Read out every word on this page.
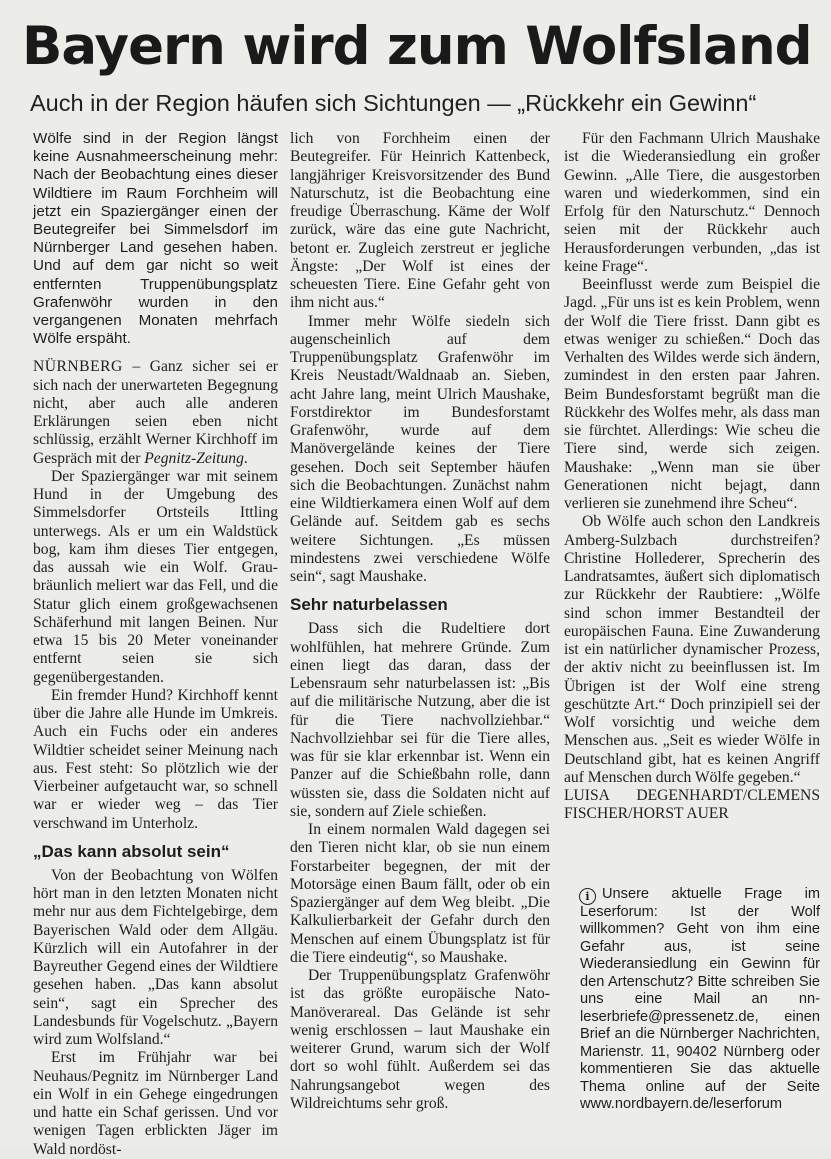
Bayern wird zum Wolfsland
Auch in der Region häufen sich Sichtungen — „Rückkehr ein Gewinn“

Wölfe sind in der Region längst keine Ausnahmeerscheinung mehr: Nach der Beobachtung eines dieser Wildtiere im Raum Forchheim will jetzt ein Spaziergänger einen der Beutegreifer bei Simmelsdorf im Nürnberger Land gesehen haben. Und auf dem gar nicht so weit entfernten Truppenübungsplatz Grafenwöhr wurden in den vergangenen Monaten mehrfach Wölfe erspäht.

NÜRNBERG – Ganz sicher sei er sich nach der unerwarteten Begegnung nicht, aber auch alle anderen Erklärungen seien eben nicht schlüssig, erzählt Werner Kirchhoff im Gespräch mit der Pegnitz-Zeitung.

Der Spaziergänger war mit seinem Hund in der Umgebung des Simmelsdorfer Ortsteils Ittling unterwegs. Als er um ein Waldstück bog, kam ihm dieses Tier entgegen, das aussah wie ein Wolf. Grau-bräunlich meliert war das Fell, und die Statur glich einem großgewachsenen Schäferhund mit langen Beinen. Nur etwa 15 bis 20 Meter voneinander entfernt seien sie sich gegenübergestanden.

Ein fremder Hund? Kirchhoff kennt über die Jahre alle Hunde im Umkreis. Auch ein Fuchs oder ein anderes Wildtier scheidet seiner Meinung nach aus. Fest steht: So plötzlich wie der Vierbeiner aufgetaucht war, so schnell war er wieder weg – das Tier verschwand im Unterholz.

„Das kann absolut sein“

Von der Beobachtung von Wölfen hört man in den letzten Monaten nicht mehr nur aus dem Fichtelgebirge, dem Bayerischen Wald oder dem Allgäu. Kürzlich will ein Autofahrer in der Bayreuther Gegend eines der Wildtiere gesehen haben. „Das kann absolut sein“, sagt ein Sprecher des Landesbunds für Vogelschutz. „Bayern wird zum Wolfsland.“

Erst im Frühjahr war bei Neuhaus/Pegnitz im Nürnberger Land ein Wolf in ein Gehege eingedrungen und hatte ein Schaf gerissen. Und vor wenigen Tagen erblickten Jäger im Wald nordöst-

lich von Forchheim einen der Beutegreifer. Für Heinrich Kattenbeck, langjähriger Kreisvorsitzender des Bund Naturschutz, ist die Beobachtung eine freudige Überraschung. Käme der Wolf zurück, wäre das eine gute Nachricht, betont er. Zugleich zerstreut er jegliche Ängste: „Der Wolf ist eines der scheuesten Tiere. Eine Gefahr geht von ihm nicht aus.“

Immer mehr Wölfe siedeln sich augenscheinlich auf dem Truppenübungsplatz Grafenwöhr im Kreis Neustadt/Waldnaab an. Sieben, acht Jahre lang, meint Ulrich Maushake, Forstdirektor im Bundesforstamt Grafenwöhr, wurde auf dem Manövergelände keines der Tiere gesehen. Doch seit September häufen sich die Beobachtungen. Zunächst nahm eine Wildtierkamera einen Wolf auf dem Gelände auf. Seitdem gab es sechs weitere Sichtungen. „Es müssen mindestens zwei verschiedene Wölfe sein“, sagt Maushake.

Sehr naturbelassen

Dass sich die Rudeltiere dort wohlfühlen, hat mehrere Gründe. Zum einen liegt das daran, dass der Lebensraum sehr naturbelassen ist: „Bis auf die militärische Nutzung, aber die ist für die Tiere nachvollziehbar.“ Nachvollziehbar sei für die Tiere alles, was für sie klar erkennbar ist. Wenn ein Panzer auf die Schießbahn rolle, dann wüssten sie, dass die Soldaten nicht auf sie, sondern auf Ziele schießen.

In einem normalen Wald dagegen sei den Tieren nicht klar, ob sie nun einem Forstarbeiter begegnen, der mit der Motorsäge einen Baum fällt, oder ob ein Spaziergänger auf dem Weg bleibt. „Die Kalkulierbarkeit der Gefahr durch den Menschen auf einem Übungsplatz ist für die Tiere eindeutig“, so Maushake.

Der Truppenübungsplatz Grafenwöhr ist das größte europäische Nato-Manöverareal. Das Gelände ist sehr wenig erschlossen – laut Maushake ein weiterer Grund, warum sich der Wolf dort so wohl fühlt. Außerdem sei das Nahrungsangebot wegen des Wildreichtums sehr groß.

Für den Fachmann Ulrich Maushake ist die Wiederansiedlung ein großer Gewinn. „Alle Tiere, die ausgestorben waren und wiederkommen, sind ein Erfolg für den Naturschutz.“ Dennoch seien mit der Rückkehr auch Herausforderungen verbunden, „das ist keine Frage“.

Beeinflusst werde zum Beispiel die Jagd. „Für uns ist es kein Problem, wenn der Wolf die Tiere frisst. Dann gibt es etwas weniger zu schießen.“ Doch das Verhalten des Wildes werde sich ändern, zumindest in den ersten paar Jahren. Beim Bundesforstamt begrüßt man die Rückkehr des Wolfes mehr, als dass man sie fürchtet. Allerdings: Wie scheu die Tiere sind, werde sich zeigen. Maushake: „Wenn man sie über Generationen nicht bejagt, dann verlieren sie zunehmend ihre Scheu“.

Ob Wölfe auch schon den Landkreis Amberg-Sulzbach durchstreifen? Christine Hollederer, Sprecherin des Landratsamtes, äußert sich diplomatisch zur Rückkehr der Raubtiere: „Wölfe sind schon immer Bestandteil der europäischen Fauna. Eine Zuwanderung ist ein natürlicher dynamischer Prozess, der aktiv nicht zu beeinflussen ist. Im Übrigen ist der Wolf eine streng geschützte Art.“ Doch prinzipiell sei der Wolf vorsichtig und weiche dem Menschen aus. „Seit es wieder Wölfe in Deutschland gibt, hat es keinen Angriff auf Menschen durch Wölfe gegeben.“

LUISA DEGENHARDT/CLEMENS FISCHER/HORST AUER

i Unsere aktuelle Frage im Leserforum: Ist der Wolf willkommen? Geht von ihm eine Gefahr aus, ist seine Wiederansiedlung ein Gewinn für den Artenschutz? Bitte schreiben Sie uns eine Mail an nn-leserbriefe@pressenetz.de, einen Brief an die Nürnberger Nachrichten, Marienstr. 11, 90402 Nürnberg oder kommentieren Sie das aktuelle Thema online auf der Seite www.nordbayern.de/leserforum
